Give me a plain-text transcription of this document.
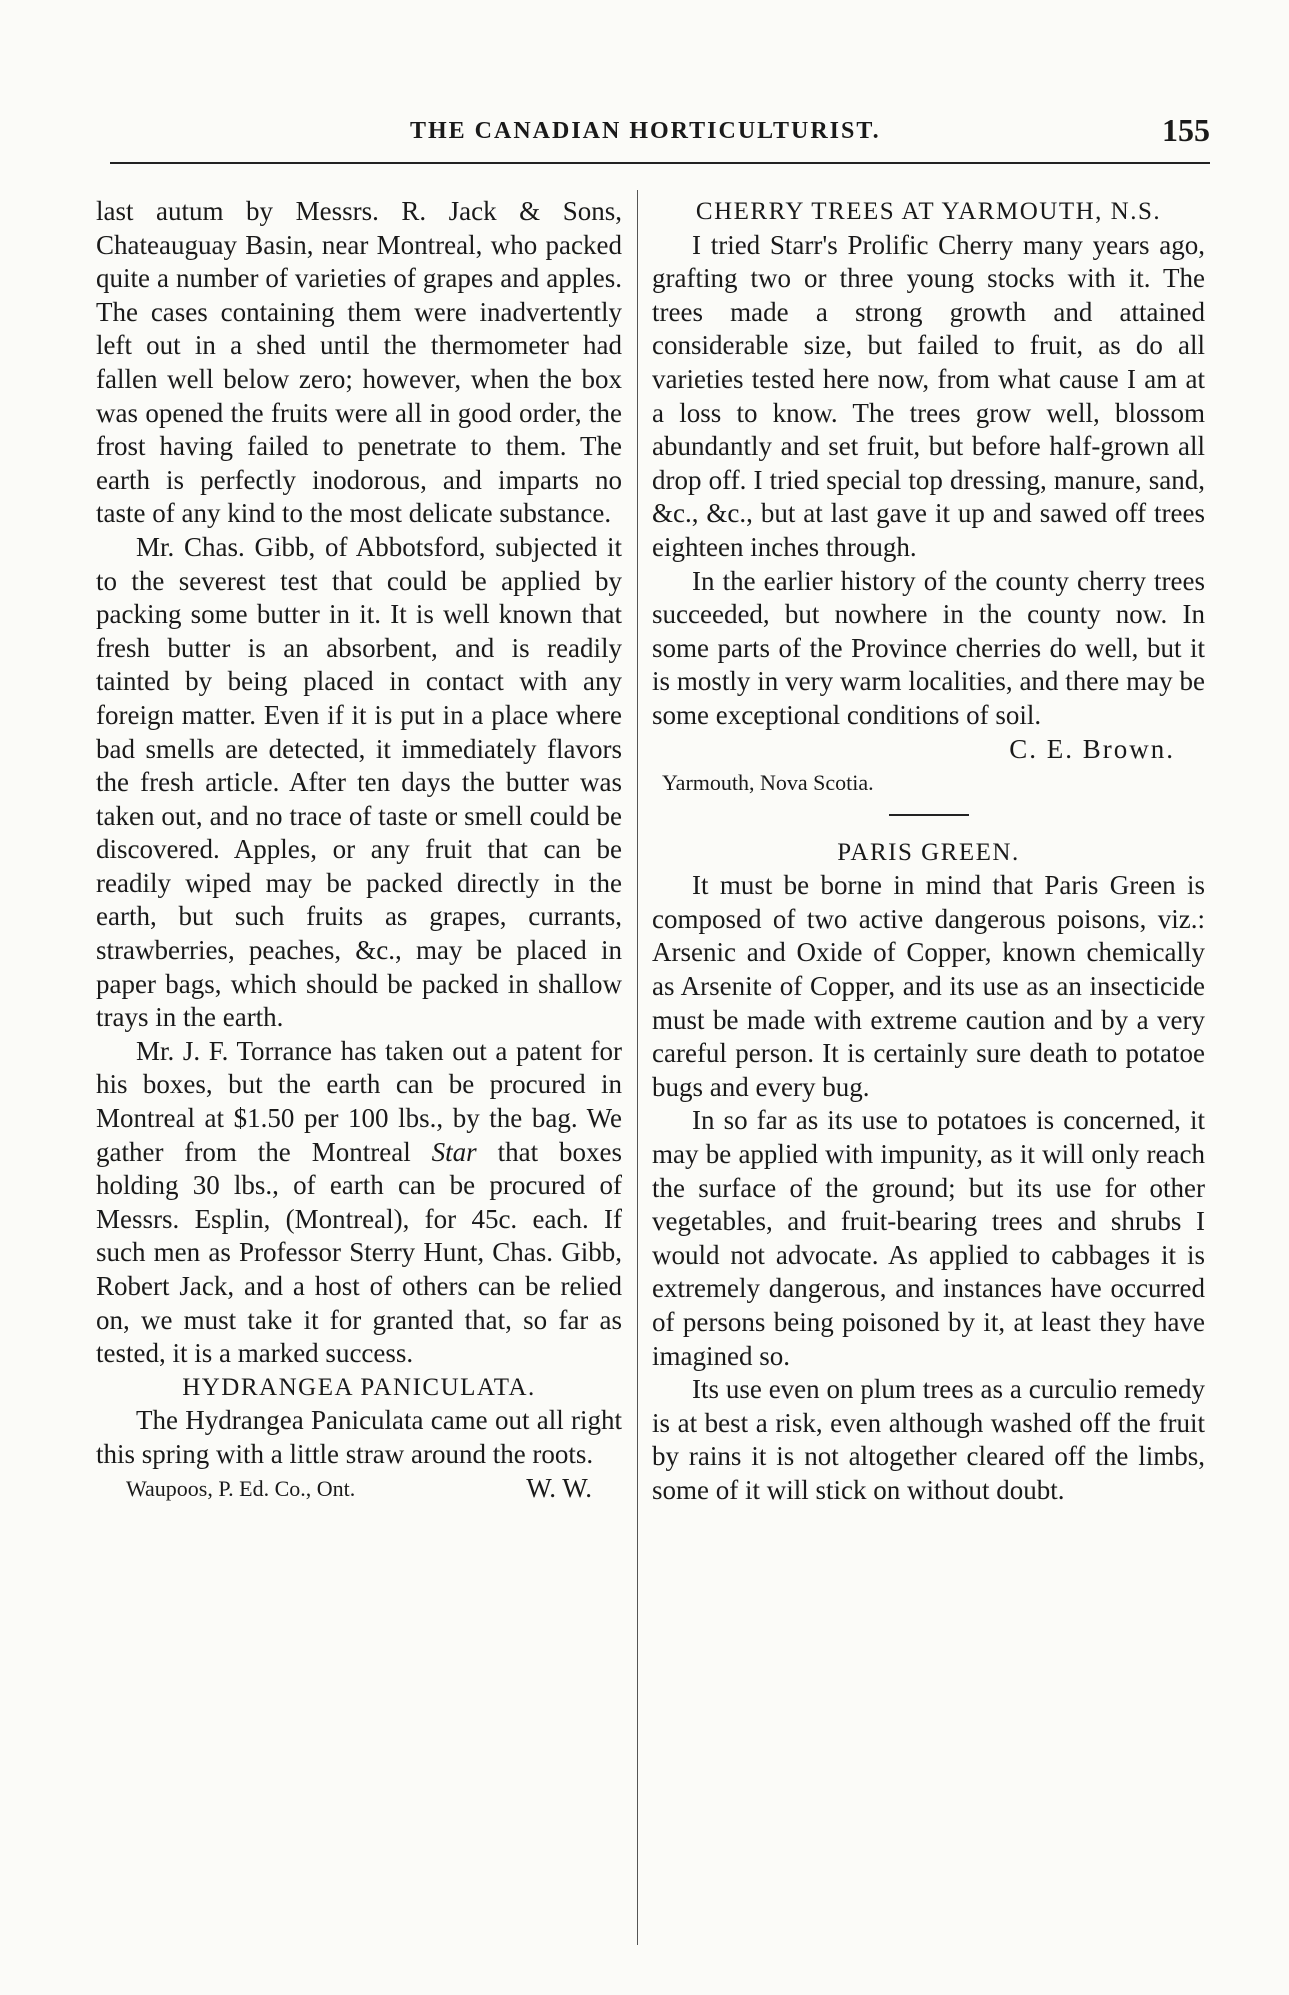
THE CANADIAN HORTICULTURIST.	155

last autum by Messrs. R. Jack & Sons, Chateauguay Basin, near Montreal, who packed quite a number of varieties of grapes and apples. The cases containing them were inadvertently left out in a shed until the thermometer had fallen well below zero; however, when the box was opened the fruits were all in good order, the frost having failed to penetrate to them. The earth is perfectly inodorous, and imparts no taste of any kind to the most delicate substance.

Mr. Chas. Gibb, of Abbotsford, subjected it to the severest test that could be applied by packing some butter in it. It is well known that fresh butter is an absorbent, and is readily tainted by being placed in contact with any foreign matter. Even if it is put in a place where bad smells are detected, it immediately flavors the fresh article. After ten days the butter was taken out, and no trace of taste or smell could be discovered. Apples, or any fruit that can be readily wiped may be packed directly in the earth, but such fruits as grapes, currants, strawberries, peaches, &c., may be placed in paper bags, which should be packed in shallow trays in the earth.

Mr. J. F. Torrance has taken out a patent for his boxes, but the earth can be procured in Montreal at $1.50 per 100 lbs., by the bag. We gather from the Montreal Star that boxes holding 30 lbs., of earth can be procured of Messrs. Esplin, (Montreal), for 45c. each. If such men as Professor Sterry Hunt, Chas. Gibb, Robert Jack, and a host of others can be relied on, we must take it for granted that, so far as tested, it is a marked success.

HYDRANGEA PANICULATA.

The Hydrangea Paniculata came out all right this spring with a little straw around the roots.
W. W.

Waupoos, P. Ed. Co., Ont.

CHERRY TREES AT YARMOUTH, N.S.

I tried Starr's Prolific Cherry many years ago, grafting two or three young stocks with it. The trees made a strong growth and attained considerable size, but failed to fruit, as do all varieties tested here now, from what cause I am at a loss to know. The trees grow well, blossom abundantly and set fruit, but before half-grown all drop off. I tried special top dressing, manure, sand, &c., &c., but at last gave it up and sawed off trees eighteen inches through.

In the earlier history of the county cherry trees succeeded, but nowhere in the county now. In some parts of the Province cherries do well, but it is mostly in very warm localities, and there may be some exceptional conditions of soil.

C. E. Brown.

Yarmouth, Nova Scotia.

PARIS GREEN.

It must be borne in mind that Paris Green is composed of two active dangerous poisons, viz.: Arsenic and Oxide of Copper, known chemically as Arsenite of Copper, and its use as an insecticide must be made with extreme caution and by a very careful person. It is certainly sure death to potatoe bugs and every bug.

In so far as its use to potatoes is concerned, it may be applied with impunity, as it will only reach the surface of the ground; but its use for other vegetables, and fruit-bearing trees and shrubs I would not advocate. As applied to cabbages it is extremely dangerous, and instances have occurred of persons being poisoned by it, at least they have imagined so.

Its use even on plum trees as a curculio remedy is at best a risk, even although washed off the fruit by rains it is not altogether cleared off the limbs, some of it will stick on without doubt.
